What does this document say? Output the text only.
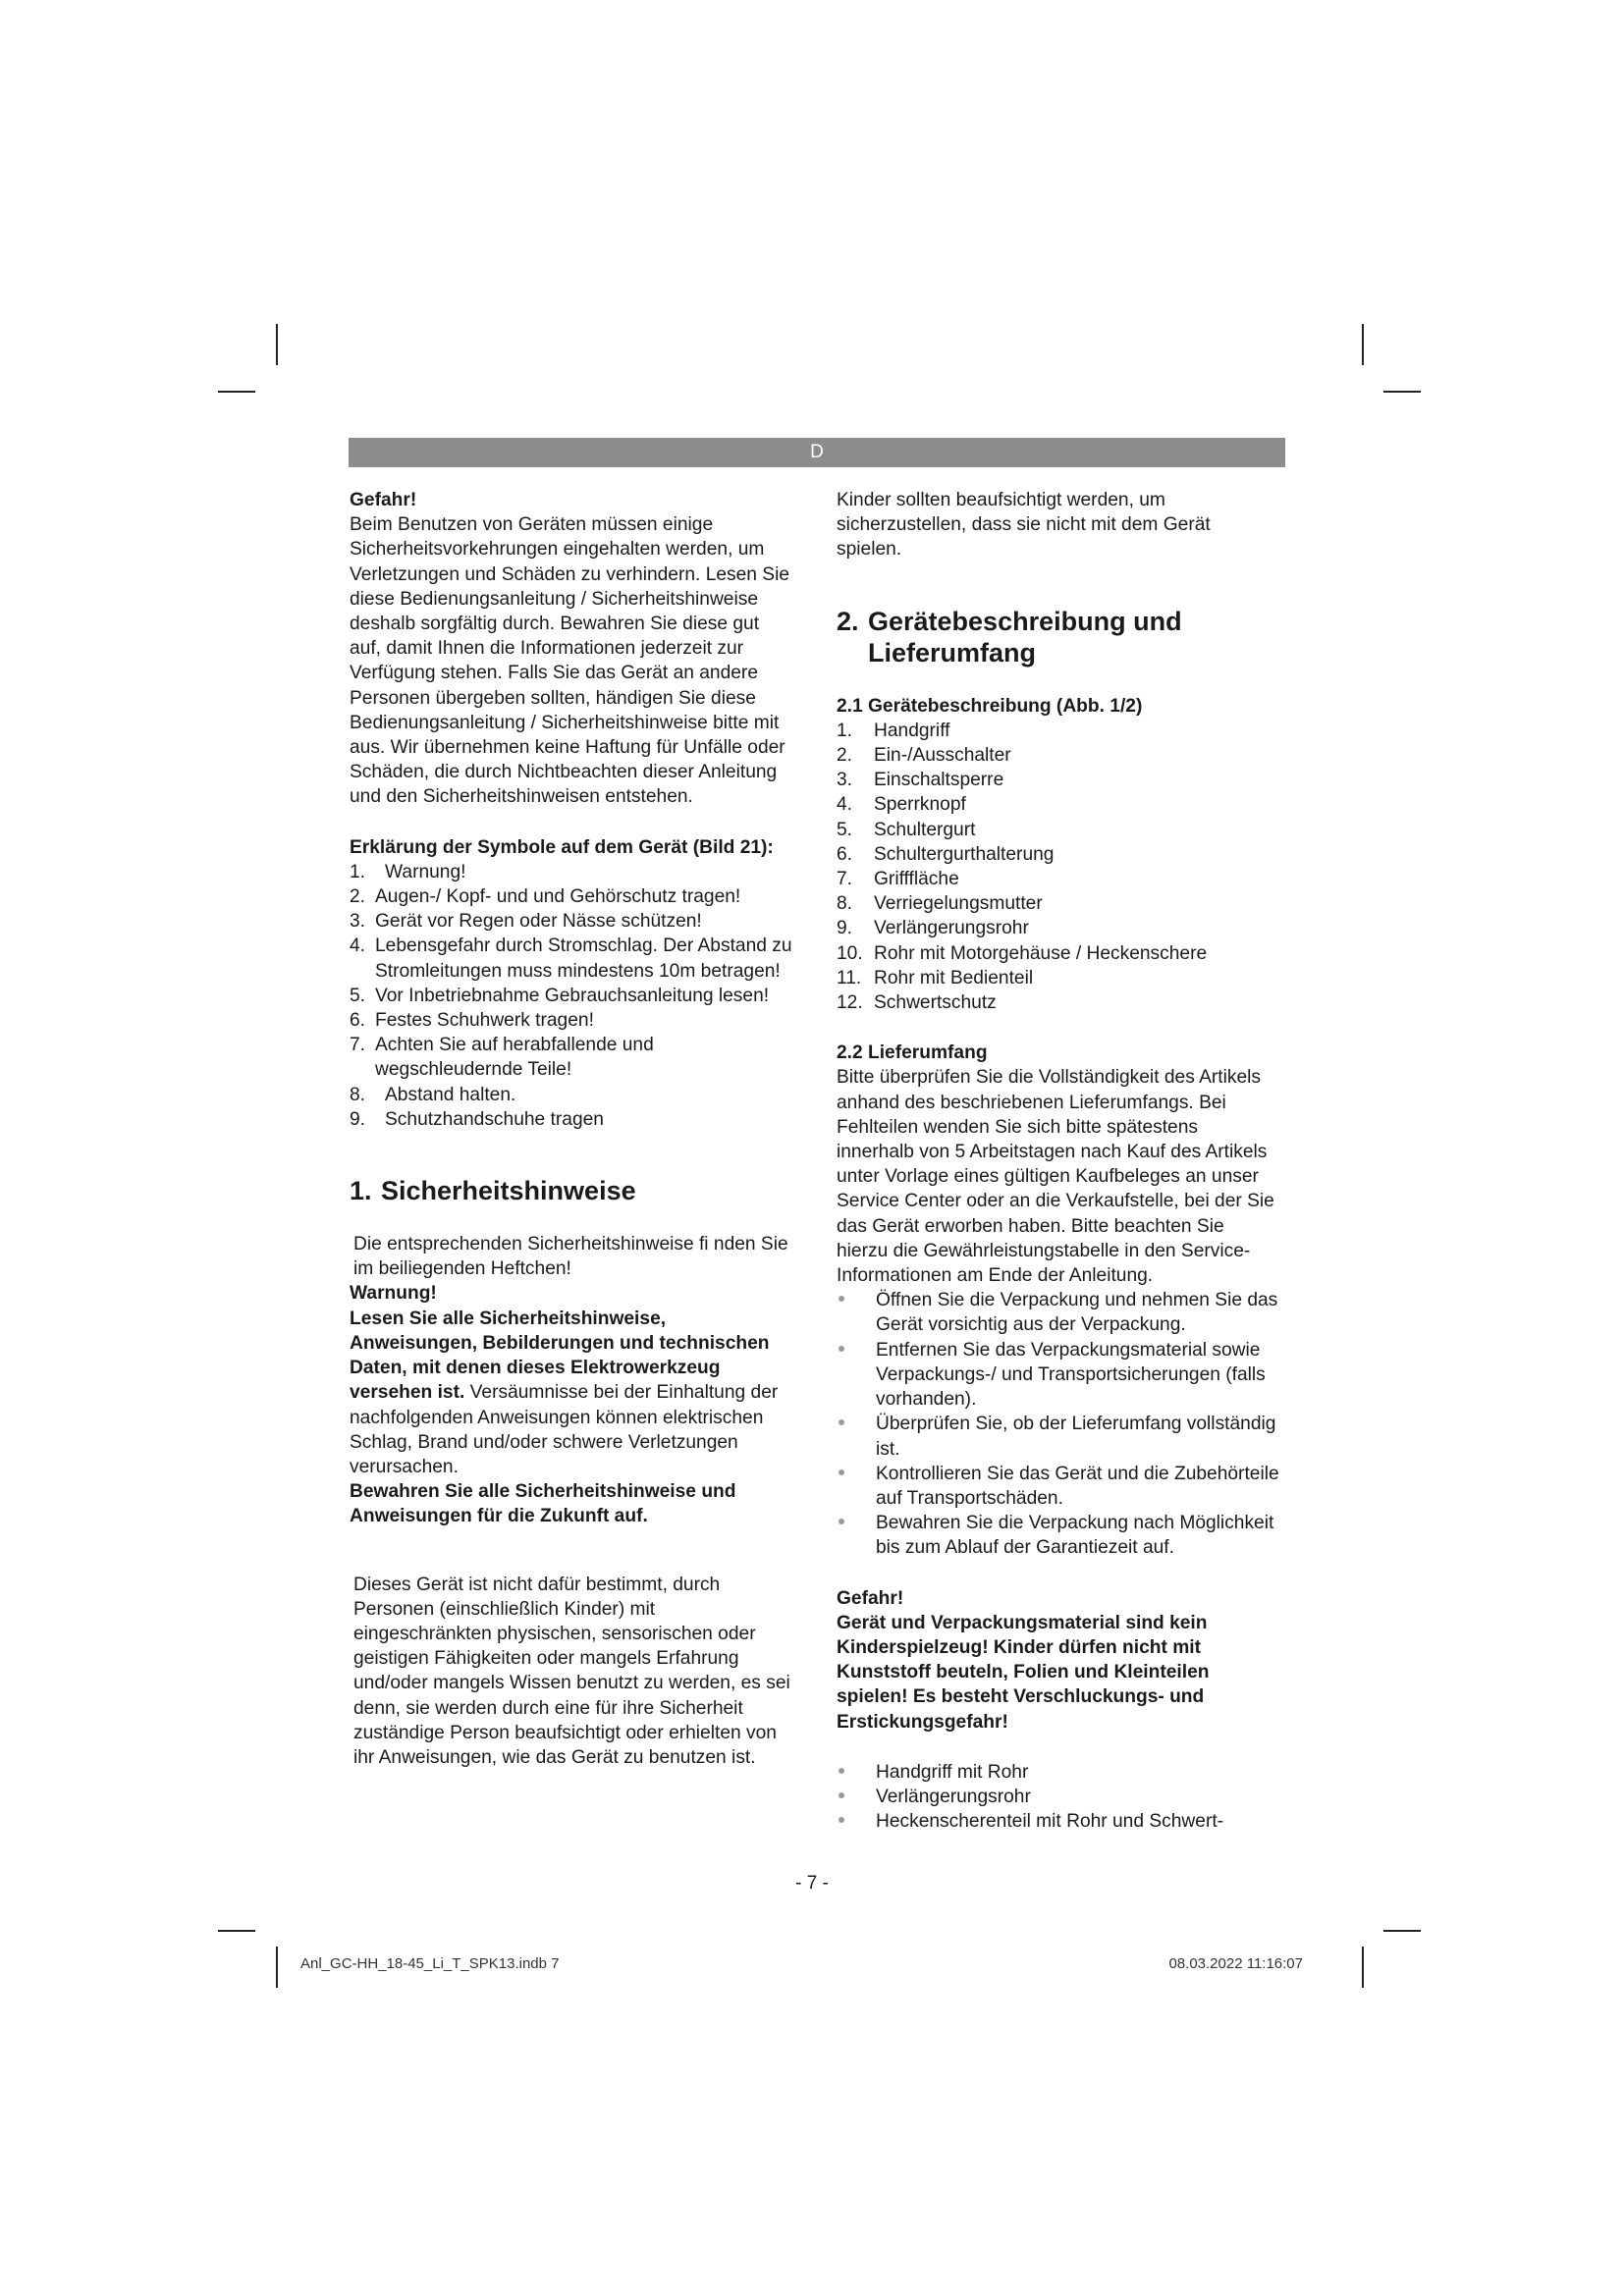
D

Gefahr!

Beim Benutzen von Geräten müssen einige Sicherheitsvorkehrungen eingehalten werden, um Verletzungen und Schäden zu verhindern. Lesen Sie diese Bedienungsanleitung / Sicherheitshinweise deshalb sorgfältig durch. Bewahren Sie diese gut auf, damit Ihnen die Informationen jederzeit zur Verfügung stehen. Falls Sie das Gerät an andere Personen übergeben sollten, händigen Sie diese Bedienungsanleitung / Sicherheitshinweise bitte mit aus. Wir übernehmen keine Haftung für Unfälle oder Schäden, die durch Nichtbeachten dieser Anleitung und den Sicherheitshinweisen entstehen.

Erklärung der Symbole auf dem Gerät (Bild 21):

1.	Warnung!
2. Augen-/ Kopf- und und Gehörschutz tragen!
3. Gerät vor Regen oder Nässe schützen!
4. Lebensgefahr durch Stromschlag. Der Abstand zu Stromleitungen muss mindestens 10m betragen!
5. Vor Inbetriebnahme Gebrauchsanleitung lesen!
6. Festes Schuhwerk tragen!
7. Achten Sie auf herabfallende und wegschleudernde Teile!
8.	Abstand halten.
9.	Schutzhandschuhe tragen
1. Sicherheitshinweise

Die entsprechenden Sicherheitshinweise fi nden Sie im beiliegenden Heftchen!

Warnung!

Lesen Sie alle Sicherheitshinweise, Anweisungen, Bebilderungen und technischen Daten, mit denen dieses Elektrowerkzeug versehen ist. Versäumnisse bei der Einhaltung der nachfolgenden Anweisungen können elektrischen Schlag, Brand und/oder schwere Verletzungen verursachen.

Bewahren Sie alle Sicherheitshinweise und Anweisungen für die Zukunft auf.

Dieses Gerät ist nicht dafür bestimmt, durch Personen (einschließlich Kinder) mit eingeschränkten physischen, sensorischen oder geistigen Fähigkeiten oder mangels Erfahrung und/oder mangels Wissen benutzt zu werden, es sei denn, sie werden durch eine für ihre Sicherheit zuständige Person beaufsichtigt oder erhielten von ihr Anweisungen, wie das Gerät zu benutzen ist.

Kinder sollten beaufsichtigt werden, um sicherzustellen, dass sie nicht mit dem Gerät spielen.

2. Gerätebeschreibung und
Lieferumfang

2.1 Gerätebeschreibung (Abb. 1/2)

1. Handgriff
2. Ein-/Ausschalter
3. Einschaltsperre
4. Sperrknopf
5. Schultergurt
6. Schultergurthalterung
7. Grifffläche
8. Verriegelungsmutter
9. Verlängerungsrohr
10. Rohr mit Motorgehäuse / Heckenschere
11. Rohr mit Bedienteil
12. Schwertschutz

2.2 Lieferumfang

Bitte überprüfen Sie die Vollständigkeit des Artikels anhand des beschriebenen Lieferumfangs. Bei Fehlteilen wenden Sie sich bitte spätestens innerhalb von 5 Arbeitstagen nach Kauf des Artikels unter Vorlage eines gültigen Kaufbeleges an unser Service Center oder an die Verkaufstelle, bei der Sie das Gerät erworben haben. Bitte beachten Sie hierzu die Gewährleistungstabelle in den Service-Informationen am Ende der Anleitung.

Öffnen Sie die Verpackung und nehmen Sie das Gerät vorsichtig aus der Verpackung.
Entfernen Sie das Verpackungsmaterial sowie Verpackungs-/ und Transportsicherungen (falls vorhanden).
Überprüfen Sie, ob der Lieferumfang vollständig ist.
Kontrollieren Sie das Gerät und die Zubehörteile auf Transportschäden.
Bewahren Sie die Verpackung nach Möglichkeit bis zum Ablauf der Garantiezeit auf.

Gefahr!

Gerät und Verpackungsmaterial sind kein Kinderspielzeug! Kinder dürfen nicht mit Kunststoff beuteln, Folien und Kleinteilen spielen! Es besteht Verschluckungs- und Erstickungsgefahr!

Handgriff mit Rohr
Verlängerungsrohr
Heckenscherenteil mit Rohr und Schwert-
- 7 -
Anl_GC-HH_18-45_Li_T_SPK13.indb 7	08.03.2022 11:16:07
